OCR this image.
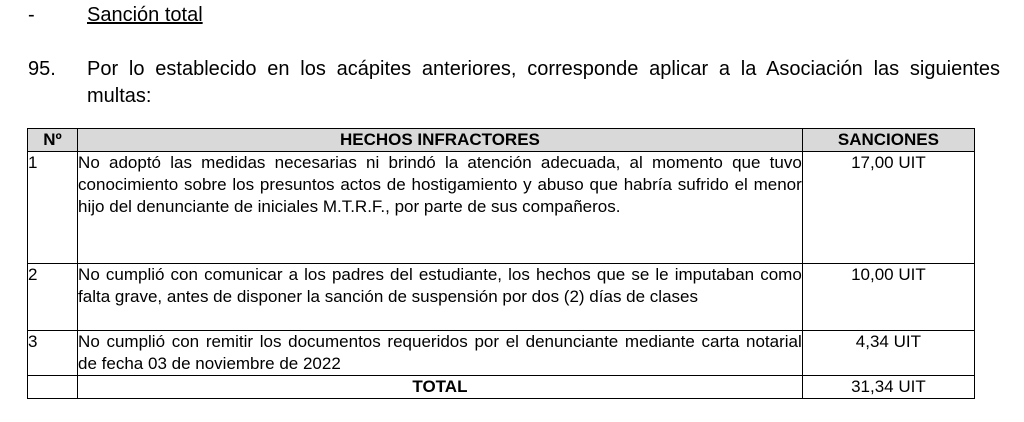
-	Sanción total
95. Por lo establecido en los acápites anteriores, corresponde aplicar a la Asociación las siguientes multas:
Nº	HECHOS INFRACTORES	SANCIONES
1	No adoptó las medidas necesarias ni brindó la atención adecuada, al momento que tuvo conocimiento sobre los presuntos actos de hostigamiento y abuso que habría sufrido el menor hijo del denunciante de iniciales M.T.R.F., por parte de sus compañeros.	17,00 UIT
2	No cumplió con comunicar a los padres del estudiante, los hechos que se le imputaban como falta grave, antes de disponer la sanción de suspensión por dos (2) días de clases	10,00 UIT
3	No cumplió con remitir los documentos requeridos por el denunciante mediante carta notarial de fecha 03 de noviembre de 2022	4,34 UIT
	TOTAL	31,34 UIT
